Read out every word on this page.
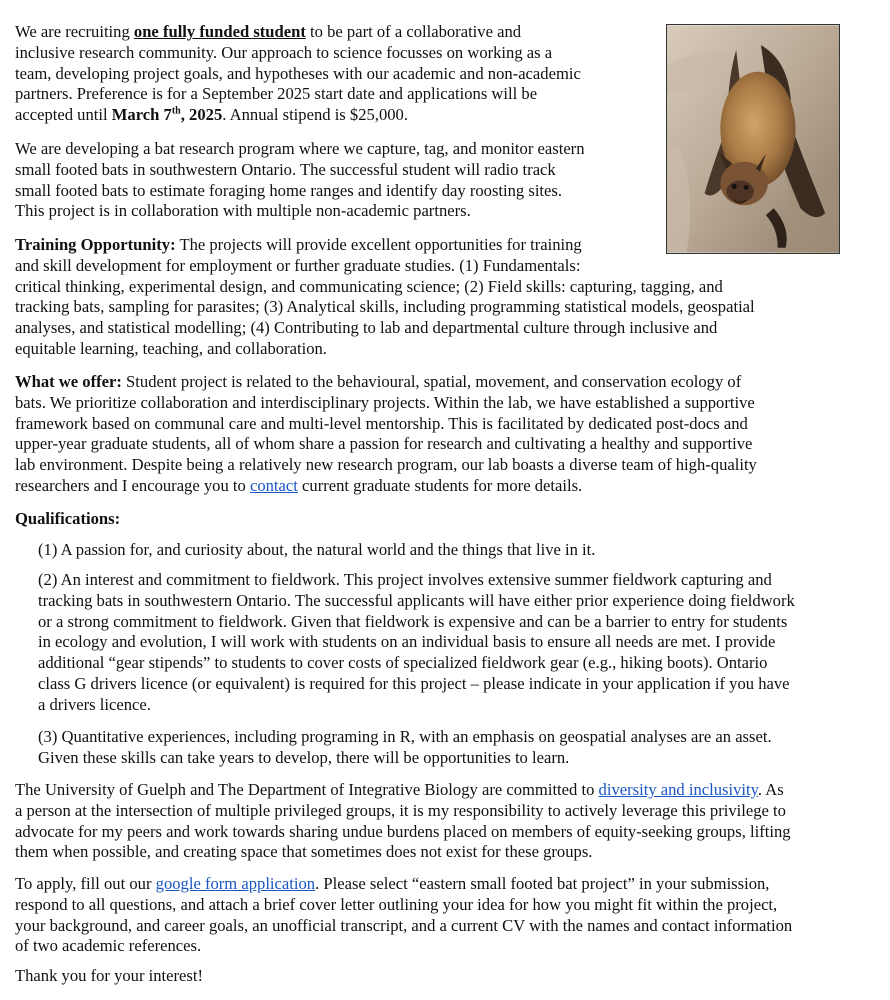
We are recruiting one fully funded student to be part of a collaborative and
inclusive research community. Our approach to science focusses on working as a
team, developing project goals, and hypotheses with our academic and non-academic
partners. Preference is for a September 2025 start date and applications will be
accepted until March 7th, 2025. Annual stipend is $25,000.
We are developing a bat research program where we capture, tag, and monitor eastern
small footed bats in southwestern Ontario. The successful student will radio track
small footed bats to estimate foraging home ranges and identify day roosting sites.
This project is in collaboration with multiple non-academic partners.
Training Opportunity: The projects will provide excellent opportunities for training
and skill development for employment or further graduate studies. (1) Fundamentals:
critical thinking, experimental design, and communicating science; (2) Field skills: capturing, tagging, and
tracking bats, sampling for parasites; (3) Analytical skills, including programming statistical models, geospatial
analyses, and statistical modelling; (4) Contributing to lab and departmental culture through inclusive and
equitable learning, teaching, and collaboration.
What we offer: Student project is related to the behavioural, spatial, movement, and conservation ecology of
bats. We prioritize collaboration and interdisciplinary projects. Within the lab, we have established a supportive
framework based on communal care and multi-level mentorship. This is facilitated by dedicated post-docs and
upper-year graduate students, all of whom share a passion for research and cultivating a healthy and supportive
lab environment. Despite being a relatively new research program, our lab boasts a diverse team of high-quality
researchers and I encourage you to contact current graduate students for more details.
Qualifications:
(1) A passion for, and curiosity about, the natural world and the things that live in it.
(2) An interest and commitment to fieldwork. This project involves extensive summer fieldwork capturing and
tracking bats in southwestern Ontario. The successful applicants will have either prior experience doing fieldwork
or a strong commitment to fieldwork. Given that fieldwork is expensive and can be a barrier to entry for students
in ecology and evolution, I will work with students on an individual basis to ensure all needs are met. I provide
additional “gear stipends” to students to cover costs of specialized fieldwork gear (e.g., hiking boots). Ontario
class G drivers licence (or equivalent) is required for this project – please indicate in your application if you have
a drivers licence.
(3) Quantitative experiences, including programing in R, with an emphasis on geospatial analyses are an asset.
Given these skills can take years to develop, there will be opportunities to learn.
The University of Guelph and The Department of Integrative Biology are committed to diversity and inclusivity. As
a person at the intersection of multiple privileged groups, it is my responsibility to actively leverage this privilege to
advocate for my peers and work towards sharing undue burdens placed on members of equity-seeking groups, lifting
them when possible, and creating space that sometimes does not exist for these groups.
To apply, fill out our google form application. Please select “eastern small footed bat project” in your submission,
respond to all questions, and attach a brief cover letter outlining your idea for how you might fit within the project,
your background, and career goals, an unofficial transcript, and a current CV with the names and contact information
of two academic references.
Thank you for your interest!
